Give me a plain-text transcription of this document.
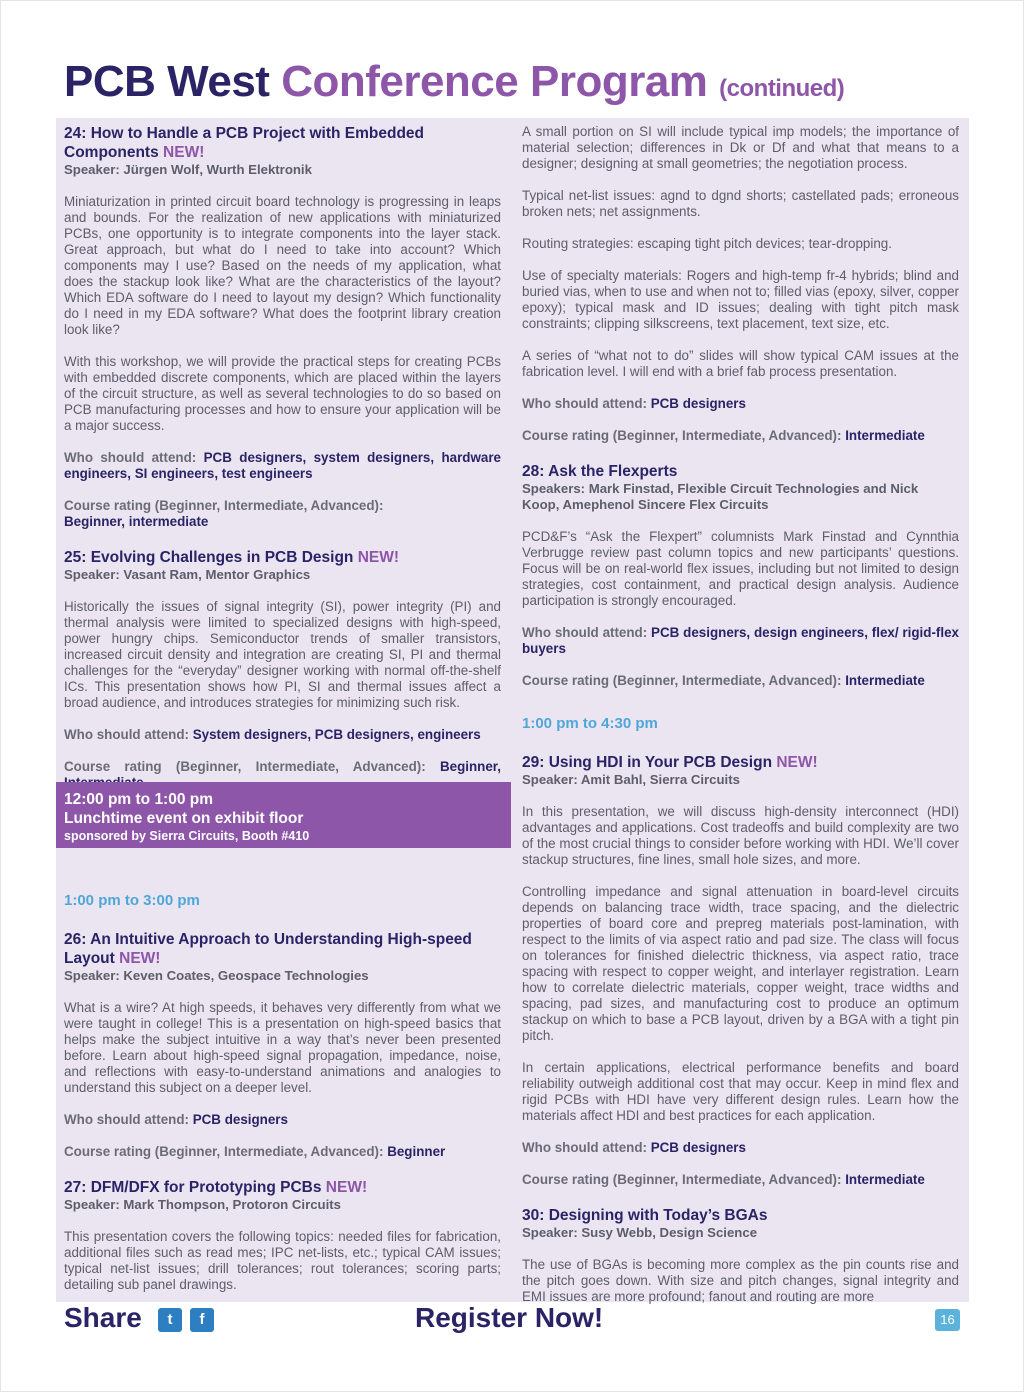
PCB West Conference Program (continued)
24: How to Handle a PCB Project with Embedded Components NEW!
Speaker: Jürgen Wolf, Wurth Elektronik

Miniaturization in printed circuit board technology is progressing in leaps and bounds. For the realization of new applications with miniaturized PCBs, one opportunity is to integrate components into the layer stack. Great approach, but what do I need to take into account? Which components may I use? Based on the needs of my application, what does the stackup look like? What are the characteristics of the layout? Which EDA software do I need to layout my design? Which functionality do I need in my EDA software? What does the footprint library creation look like?

With this workshop, we will provide the practical steps for creating PCBs with embedded discrete components, which are placed within the layers of the circuit structure, as well as several technologies to do so based on PCB manufacturing processes and how to ensure your application will be a major success.

Who should attend: PCB designers, system designers, hardware engineers, SI engineers, test engineers

Course rating (Beginner, Intermediate, Advanced):
Beginner, intermediate

25: Evolving Challenges in PCB Design NEW!
Speaker: Vasant Ram, Mentor Graphics

Historically the issues of signal integrity (SI), power integrity (PI) and thermal analysis were limited to specialized designs with high-speed, power hungry chips. Semiconductor trends of smaller transistors, increased circuit density and integration are creating SI, PI and thermal challenges for the “everyday” designer working with normal off-the-shelf ICs. This presentation shows how PI, SI and thermal issues affect a broad audience, and introduces strategies for minimizing such risk.

Who should attend: System designers, PCB designers, engineers

Course rating (Beginner, Intermediate, Advanced): Beginner,

12:00 pm to 1:00 pm
Lunchtime event on exhibit floor
sponsored by Sierra Circuits, Booth #410
1:00 pm to 3:00 pm
26: An Intuitive Approach to Understanding High-speed Layout NEW!
Speaker: Keven Coates, Geospace Technologies

What is a wire? At high speeds, it behaves very differently from what we were taught in college! This is a presentation on high-speed basics that helps make the subject intuitive in a way that’s never been presented before. Learn about high-speed signal propagation, impedance, noise, and reflections with easy-to-understand animations and analogies to understand this subject on a deeper level.

Who should attend: PCB designers

Course rating (Beginner, Intermediate, Advanced): Beginner

27: DFM/DFX for Prototyping PCBs NEW!
Speaker: Mark Thompson, Protoron Circuits

This presentation covers the following topics: needed files for fabrication, additional files such as read mes; IPC net-lists, etc.; typical CAM issues; typical net-list issues; drill tolerances; rout tolerances; scoring parts; detailing sub panel drawings.

A small portion on SI will include typical imp models; the importance of material selection; differences in Dk or Df and what that means to a designer; designing at small geometries; the negotiation process.

Typical net-list issues: agnd to dgnd shorts; castellated pads; erroneous broken nets; net assignments.

Routing strategies: escaping tight pitch devices; tear-dropping.

Use of specialty materials: Rogers and high-temp fr-4 hybrids; blind and buried vias, when to use and when not to; filled vias (epoxy, silver, copper epoxy); typical mask and ID issues; dealing with tight pitch mask constraints; clipping silkscreens, text placement, text size, etc.

A series of “what not to do” slides will show typical CAM issues at the fabrication level. I will end with a brief fab process presentation.

Who should attend: PCB designers

Course rating (Beginner, Intermediate, Advanced): Intermediate

28: Ask the Flexperts
Speakers: Mark Finstad, Flexible Circuit Technologies and Nick Koop, Amephenol Sincere Flex Circuits

PCD&F’s “Ask the Flexpert” columnists Mark Finstad and Cynnthia Verbrugge review past column topics and new participants’ questions. Focus will be on real-world flex issues, including but not limited to design strategies, cost containment, and practical design analysis. Audience participation is strongly encouraged.

Who should attend: PCB designers, design engineers, flex/ rigid-flex buyers

Course rating (Beginner, Intermediate, Advanced): Intermediate

1:00 pm to 4:30 pm
29: Using HDI in Your PCB Design NEW!
Speaker: Amit Bahl, Sierra Circuits

In this presentation, we will discuss high-density interconnect (HDI) advantages and applications. Cost tradeoffs and build complexity are two of the most crucial things to consider before working with HDI. We’ll cover stackup structures, fine lines, small hole sizes, and more.

Controlling impedance and signal attenuation in board-level circuits depends on balancing trace width, trace spacing, and the dielectric properties of board core and prepreg materials post-lamination, with respect to the limits of via aspect ratio and pad size. The class will focus on tolerances for finished dielectric thickness, via aspect ratio, trace spacing with respect to copper weight, and interlayer registration. Learn how to correlate dielectric materials, copper weight, trace widths and spacing, pad sizes, and manufacturing cost to produce an optimum stackup on which to base a PCB layout, driven by a BGA with a tight pin pitch.

In certain applications, electrical performance benefits and board reliability outweigh additional cost that may occur. Keep in mind flex and rigid PCBs with HDI have very different design rules. Learn how the materials affect HDI and best practices for each application.

Who should attend: PCB designers

Course rating (Beginner, Intermediate, Advanced): Intermediate

30: Designing with Today’s BGAs
Speaker: Susy Webb, Design Science

The use of BGAs is becoming more complex as the pin counts rise and the pitch goes down. With size and pitch changes, signal integrity and EMI issues are more profound; fanout and routing are more

Share	t	f	Register Now!	16
